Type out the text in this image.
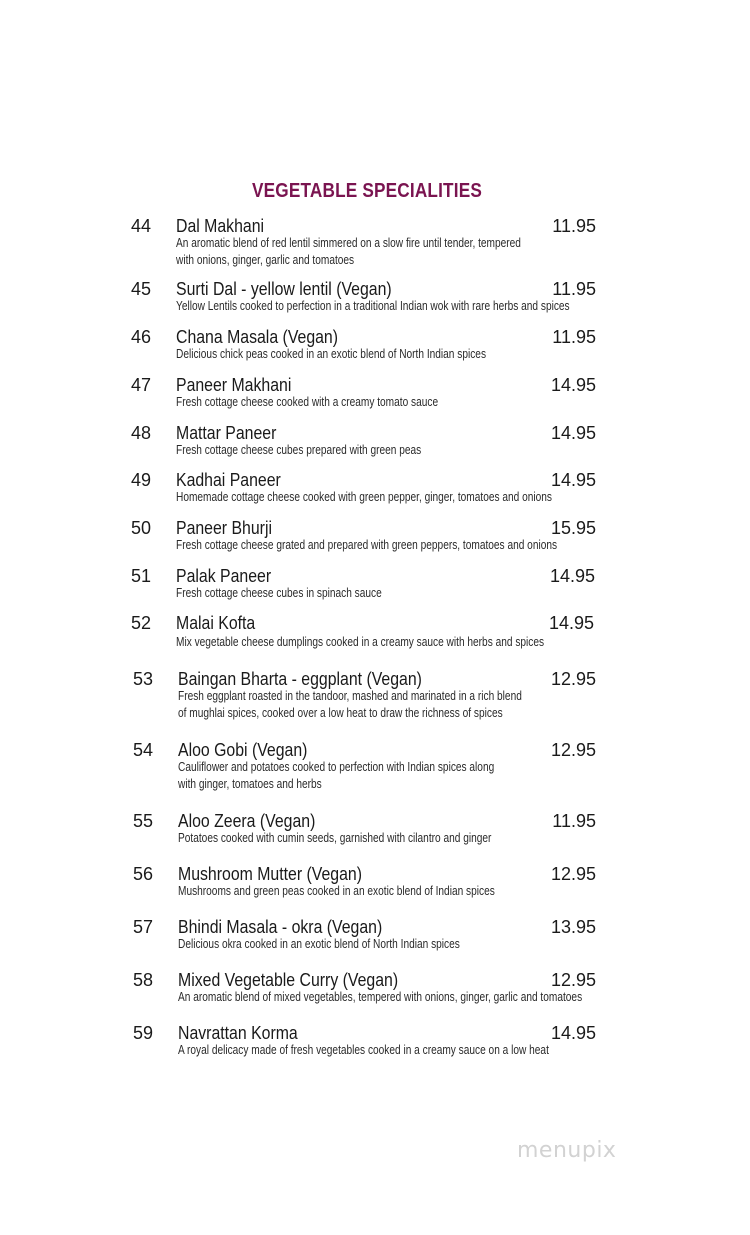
VEGETABLE SPECIALITIES
44 Dal Makhani	11.95
An aromatic blend of red lentil simmered on a slow fire until tender, tempered
with onions, ginger, garlic and tomatoes
45 Surti Dal - yellow lentil (Vegan)	11.95
Yellow Lentils cooked to perfection in a traditional Indian wok with rare herbs and spices
46 Chana Masala (Vegan)	11.95
Delicious chick peas cooked in an exotic blend of North Indian spices
47 Paneer Makhani	14.95
Fresh cottage cheese cooked with a creamy tomato sauce
48 Mattar Paneer	14.95
Fresh cottage cheese cubes prepared with green peas
49 Kadhai Paneer	14.95
Homemade cottage cheese cooked with green pepper, ginger, tomatoes and onions
50 Paneer Bhurji	15.95
Fresh cottage cheese grated and prepared with green peppers, tomatoes and onions
51 Palak Paneer	14.95
Fresh cottage cheese cubes in spinach sauce
52 Malai Kofta	14.95
Mix vegetable cheese dumplings cooked in a creamy sauce with herbs and spices
53 Baingan Bharta - eggplant (Vegan)	12.95
Fresh eggplant roasted in the tandoor, mashed and marinated in a rich blend
of mughlai spices, cooked over a low heat to draw the richness of spices
54 Aloo Gobi (Vegan)	12.95
Cauliflower and potatoes cooked to perfection with Indian spices along
with ginger, tomatoes and herbs
55 Aloo Zeera (Vegan)	11.95
Potatoes cooked with cumin seeds, garnished with cilantro and ginger
56 Mushroom Mutter (Vegan)	12.95
Mushrooms and green peas cooked in an exotic blend of Indian spices
57 Bhindi Masala - okra (Vegan)	13.95
Delicious okra cooked in an exotic blend of North Indian spices
58 Mixed Vegetable Curry (Vegan)	12.95
An aromatic blend of mixed vegetables, tempered with onions, ginger, garlic and tomatoes
59 Navrattan Korma	14.95
A royal delicacy made of fresh vegetables cooked in a creamy sauce on a low heat
menupix
